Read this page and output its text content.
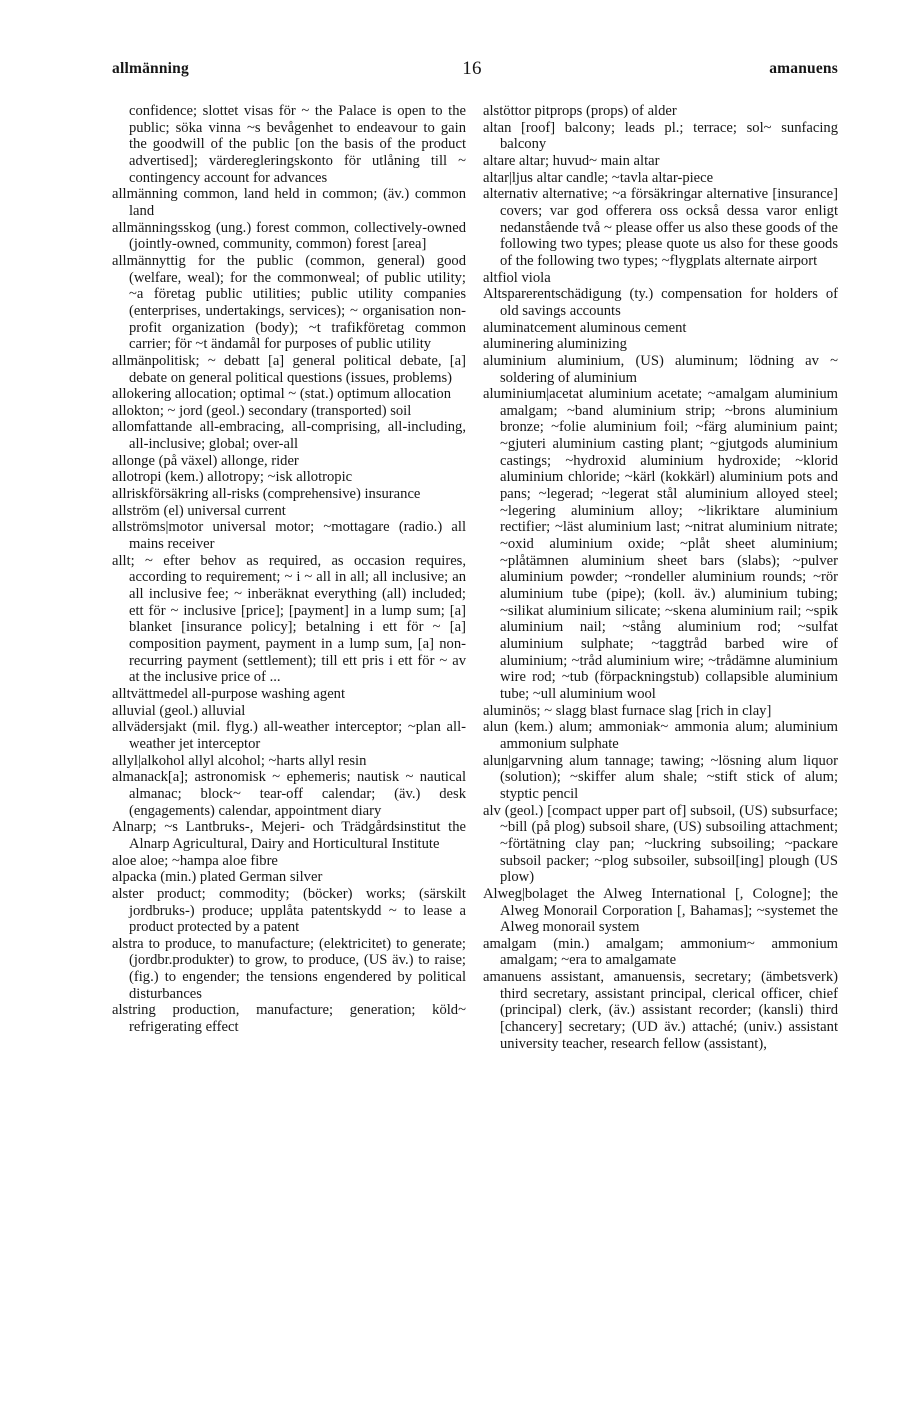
allmänning	16	amanuens
confidence; slottet visas för ~ the Palace is open to the public; söka vinna ~s bevågenhet to endeavour to gain the goodwill of the public [on the basis of the product advertised]; värderegleringskonto för utlåning till ~ contingency account for advances
allmänning common, land held in common; (äv.) common land
allmänningsskog (ung.) forest common, collectively-owned (jointly-owned, community, common) forest [area]
allmännyttig for the public (common, general) good (welfare, weal); for the commonweal; of public utility; ~a företag public utilities; public utility companies (enterprises, undertakings, services); ~ organisation non-profit organization (body); ~t trafikföretag common carrier; för ~t ändamål for purposes of public utility
allmänpolitisk; ~ debatt [a] general political debate, [a] debate on general political questions (issues, problems)
allokering allocation; optimal ~ (stat.) optimum allocation
allokton; ~ jord (geol.) secondary (transported) soil
allomfattande all-embracing, all-comprising, all-including, all-inclusive; global; over-all
allonge (på växel) allonge, rider
allotropi (kem.) allotropy; ~isk allotropic
allriskförsäkring all-risks (comprehensive) insurance
allström (el) universal current
allströms|motor universal motor; ~mottagare (radio.) all mains receiver
allt; ~ efter behov as required, as occasion requires, according to requirement; ~ i ~ all in all; all inclusive; an all inclusive fee; ~ inberäknat everything (all) included; ett för ~ inclusive [price]; [payment] in a lump sum; [a] blanket [insurance policy]; betalning i ett för ~ [a] composition payment, payment in a lump sum, [a] non-recurring payment (settlement); till ett pris i ett för ~ av at the inclusive price of ...
alltvättmedel all-purpose washing agent
alluvial (geol.) alluvial
allvädersjakt (mil. flyg.) all-weather interceptor; ~plan all-weather jet interceptor
allyl|alkohol allyl alcohol; ~harts allyl resin
almanack[a]; astronomisk ~ ephemeris; nautisk ~ nautical almanac; block~ tear-off calendar; (äv.) desk (engagements) calendar, appointment diary
Alnarp; ~s Lantbruks-, Mejeri- och Trädgårdsinstitut the Alnarp Agricultural, Dairy and Horticultural Institute
aloe aloe; ~hampa aloe fibre
alpacka (min.) plated German silver
alster product; commodity; (böcker) works; (särskilt jordbruks-) produce; upplåta patentskydd ~ to lease a product protected by a patent
alstra to produce, to manufacture; (elektricitet) to generate; (jordbr.produkter) to grow, to produce, (US äv.) to raise; (fig.) to engender; the tensions engendered by political disturbances
alstring production, manufacture; generation; köld~ refrigerating effect
alstöttor pitprops (props) of alder
altan [roof] balcony; leads pl.; terrace; sol~ sunfacing balcony
altare altar; huvud~ main altar
altar|ljus altar candle; ~tavla altar-piece
alternativ alternative; ~a försäkringar alternative [insurance] covers; var god offerera oss också dessa varor enligt nedanstående två ~ please offer us also these goods of the following two types; please quote us also for these goods of the following two types; ~flygplats alternate airport
altfiol viola
Altsparerentschädigung (ty.) compensation for holders of old savings accounts
aluminatcement aluminous cement
aluminering aluminizing
aluminium aluminium, (US) aluminum; lödning av ~ soldering of aluminium
aluminium|acetat aluminium acetate; ~amalgam aluminium amalgam; ~band aluminium strip; ~brons aluminium bronze; ~folie aluminium foil; ~färg aluminium paint; ~gjuteri aluminium casting plant; ~gjutgods aluminium castings; ~hydroxid aluminium hydroxide; ~klorid aluminium chloride; ~kärl (kokkärl) aluminium pots and pans; ~legerad; ~legerat stål aluminium alloyed steel; ~legering aluminium alloy; ~likriktare aluminium rectifier; ~läst aluminium last; ~nitrat aluminium nitrate; ~oxid aluminium oxide; ~plåt sheet aluminium; ~plåtämnen aluminium sheet bars (slabs); ~pulver aluminium powder; ~rondeller aluminium rounds; ~rör aluminium tube (pipe); (koll. äv.) aluminium tubing; ~silikat aluminium silicate; ~skena aluminium rail; ~spik aluminium nail; ~stång aluminium rod; ~sulfat aluminium sulphate; ~taggtråd barbed wire of aluminium; ~tråd aluminium wire; ~trådämne aluminium wire rod; ~tub (förpackningstub) collapsible aluminium tube; ~ull aluminium wool
aluminös; ~ slagg blast furnace slag [rich in clay]
alun (kem.) alum; ammoniak~ ammonia alum; aluminium ammonium sulphate
alun|garvning alum tannage; tawing; ~lösning alum liquor (solution); ~skiffer alum shale; ~stift stick of alum; styptic pencil
alv (geol.) [compact upper part of] subsoil, (US) subsurface; ~bill (på plog) subsoil share, (US) subsoiling attachment; ~förtätning clay pan; ~luckring subsoiling; ~packare subsoil packer; ~plog subsoiler, subsoil[ing] plough (US plow)
Alweg|bolaget the Alweg International [, Cologne]; the Alweg Monorail Corporation [, Bahamas]; ~systemet the Alweg monorail system
amalgam (min.) amalgam; ammonium~ ammonium amalgam; ~era to amalgamate
amanuens assistant, amanuensis, secretary; (ämbetsverk) third secretary, assistant principal, clerical officer, chief (principal) clerk, (äv.) assistant recorder; (kansli) third [chancery] secretary; (UD äv.) attaché; (univ.) assistant university teacher, research fellow (assistant),
